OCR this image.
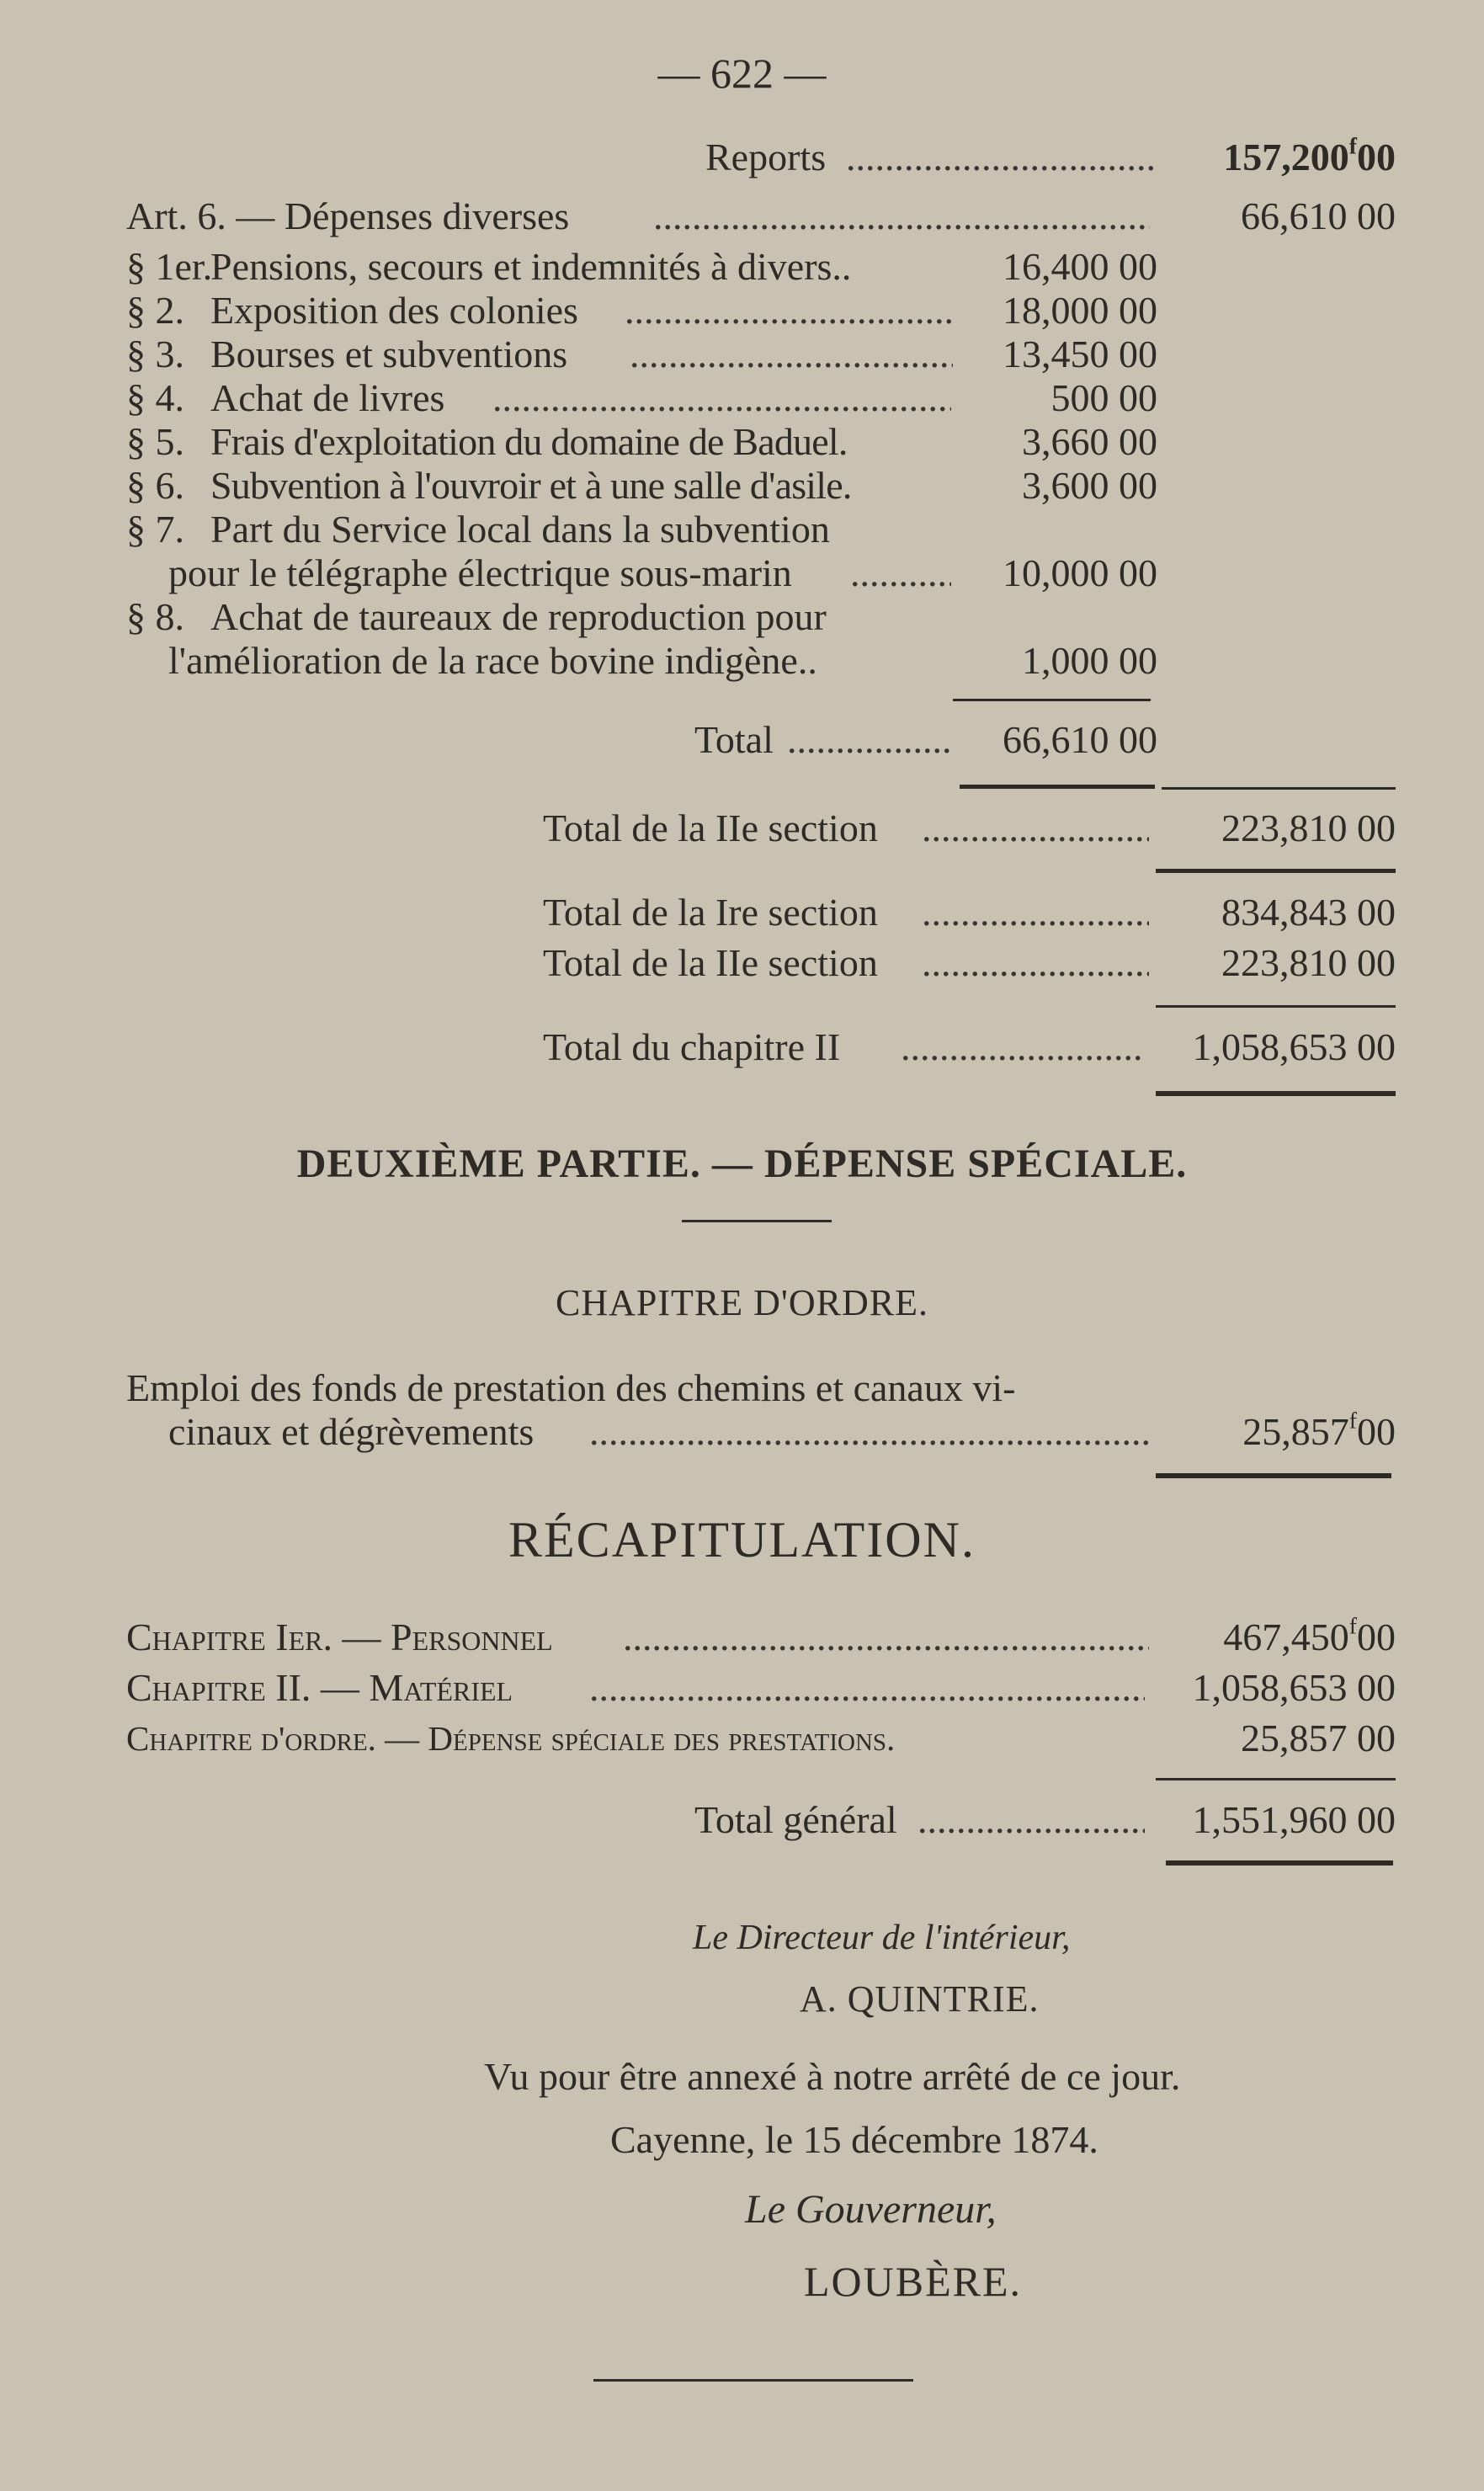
— 622 —
Reports .....	157,200$^f$00
Art. 6. — Dépenses diverses .....	66,610 00
§ 1er.
Pensions, secours et indemnités à divers..	16,400 00
§ 2. Exposition des colonies .....	18,000 00
§ 3. Bourses et subventions .....	13,450 00
§ 4. Achat de livres .....	500 00
§ 5. Frais d'exploitation du domaine de Baduel.	3,660 00
§ 6. Subvention à l'ouvroir et à une salle d'asile.	3,600 00
§ 7. Part du Service local dans la subvention
pour le télégraphe électrique sous-marin .....	10,000 00
§ 8. Achat de taureaux de reproduction pour
l'amélioration de la race bovine indigène..	1,000 00
Total .....	66,610 00
Total de la IIe section .....	223,810 00
Total de la Ire section .....	834,843 00
Total de la IIe section .....	223,810 00
Total du chapitre II .....	1,058,653 00
DEUXIÈME PARTIE. — DÉPENSE SPÉCIALE.
CHAPITRE D'ORDRE.
Emploi des fonds de prestation des chemins et canaux vi-
cinaux et dégrèvements .....	25,857$^f$00
RÉCAPITULATION.
Chapitre Ier. — Personnel .....	467,450$^f$00
Chapitre II. — Matériel .....	1,058,653 00
Chapitre d'ordre. — Dépense spéciale des prestations.	25,857 00
Total général .....	1,551,960 00
Le Directeur de l'intérieur,
A. QUINTRIE.
Vu pour être annexé à notre arrêté de ce jour.
Cayenne, le 15 décembre 1874.
Le Gouverneur,
LOUBÈRE.
